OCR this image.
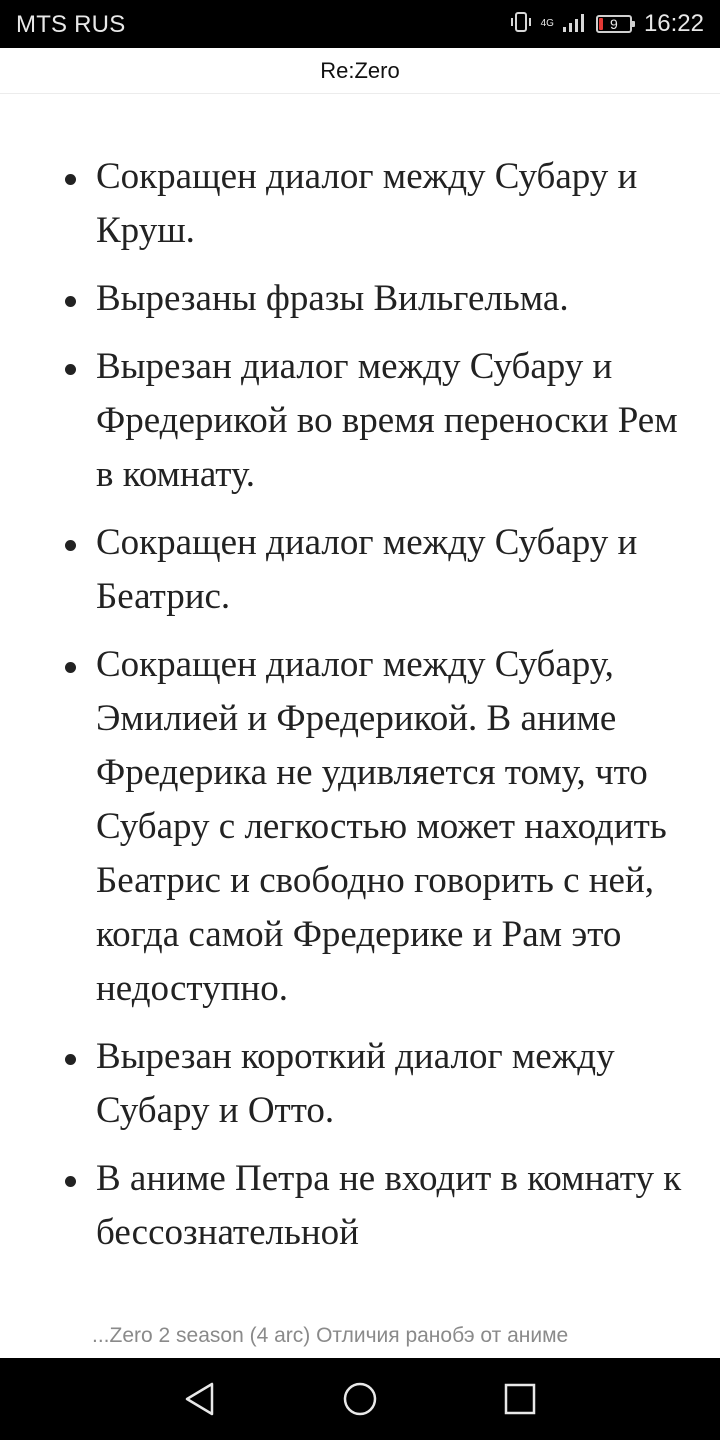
MTS RUS	4G	9 16:22
Re:Zero
Сокращен диалог между Субару и Круш.
Вырезаны фразы Вильгельма.
Вырезан диалог между Субару и Фредерикой во время переноски Рем в комнату.
Сокращен диалог между Субару и Беатрис.
Сокращен диалог между Субару, Эмилией и Фредерикой. В аниме Фредерика не удивляется тому, что Субару с легкостью может находить Беатрис и свободно говорить с ней, когда самой Фредерике и Рам это недоступно.
Вырезан короткий диалог между Субару и Отто.
В аниме Петра не входит в комнату к бессознательной
...Zero 2 season (4 arc) Отличия ранобэ от аниме
